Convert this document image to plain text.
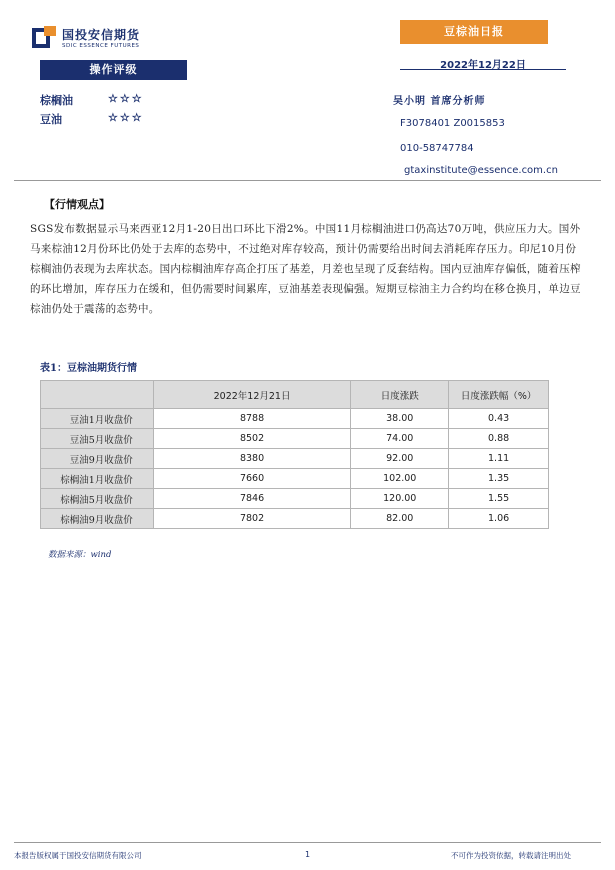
国投安信期货
SDIC ESSENCE FUTURES
豆棕油日报
2022年12月22日
操作评级
棕榈油	☆☆☆
豆油	☆☆☆
吴小明 首席分析师
F3078401 Z0015853
010-58747784
gtaxinstitute@essence.com.cn
【行情观点】
SGS发布数据显示马来西亚12月1-20日出口环比下滑2%。中国11月棕榈油进口仍高达70万吨，供应压力大。国外马来棕油12月份环比仍处于去库的态势中，不过绝对库存较高，预计仍需要给出时间去消耗库存压力。印尼10月份棕榈油仍表现为去库状态。国内棕榈油库存高企打压了基差，月差也呈现了反套结构。国内豆油库存偏低，随着压榨的环比增加，库存压力在缓和，但仍需要时间累库，豆油基差表现偏强。短期豆棕油主力合约均在移仓换月，单边豆棕油仍处于震荡的态势中。
表1：豆棕油期货行情
	2022年12月21日	日度涨跌	日度涨跌幅（%）
豆油1月收盘价	8788	38.00	0.43
豆油5月收盘价	8502	74.00	0.88
豆油9月收盘价	8380	92.00	1.11
棕榈油1月收盘价	7660	102.00	1.35
棕榈油5月收盘价	7846	120.00	1.55
棕榈油9月收盘价	7802	82.00	1.06
数据来源：wind
本报告版权属于国投安信期货有限公司	1	不可作为投资依据，转载请注明出处
